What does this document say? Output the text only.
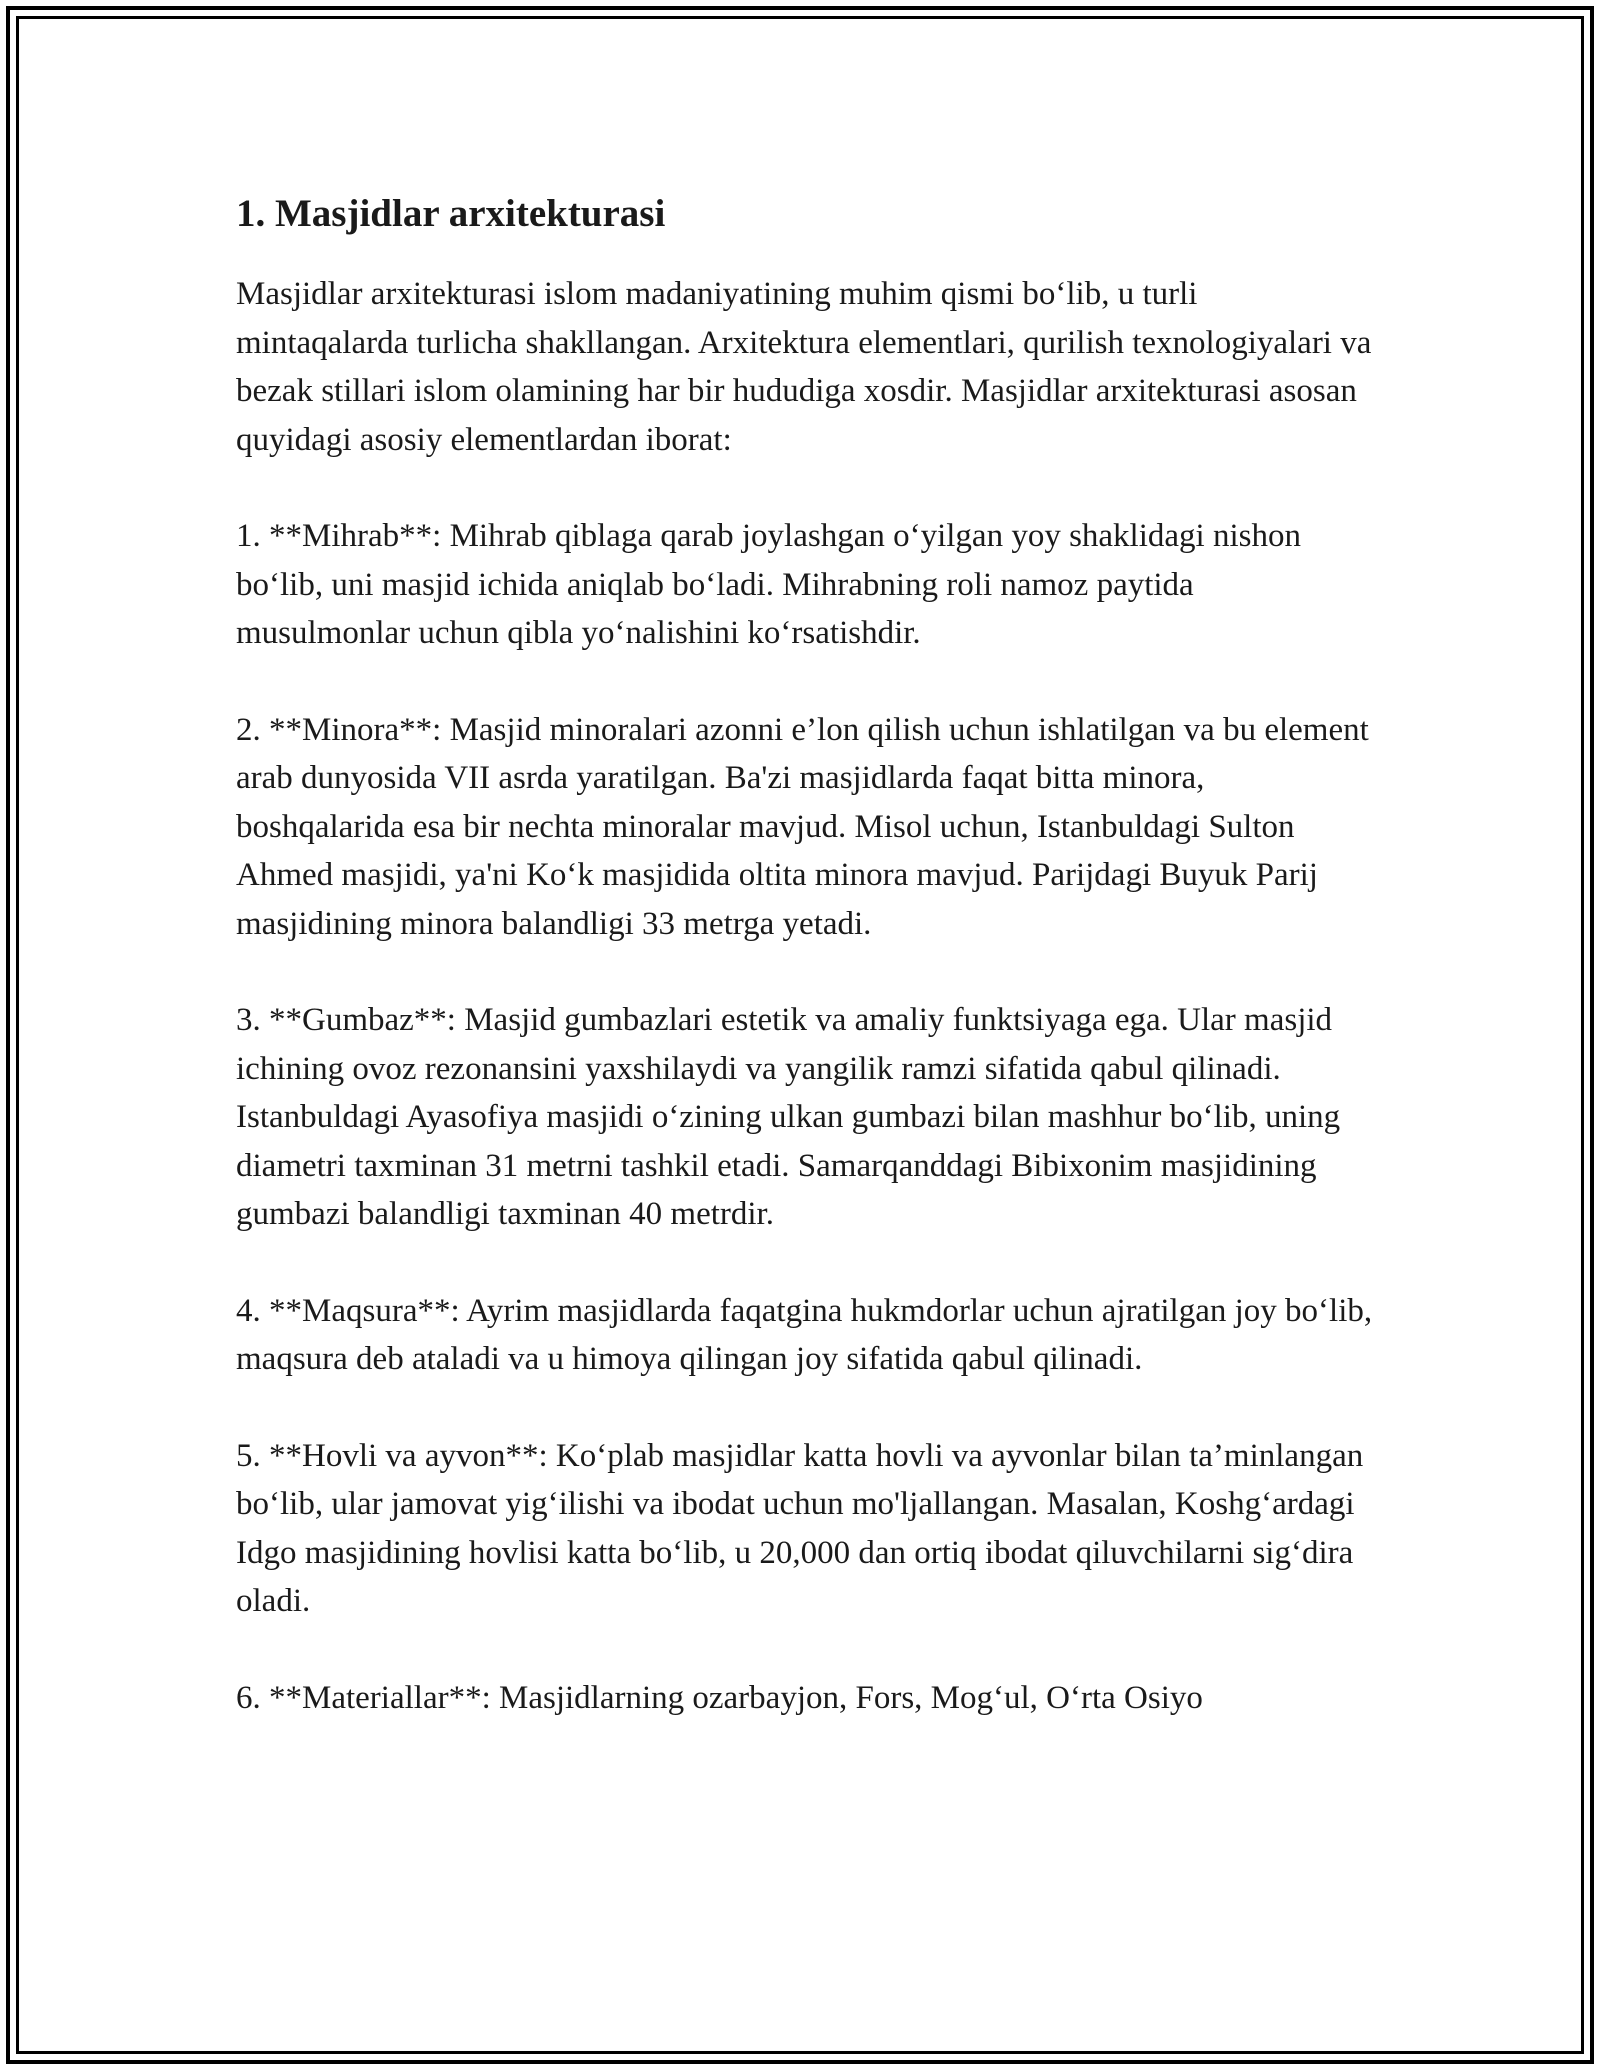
1. Masjidlar arxitekturasi

Masjidlar arxitekturasi islom madaniyatining muhim qismi bo‘lib, u turli mintaqalarda turlicha shakllangan. Arxitektura elementlari, qurilish texnologiyalari va bezak stillari islom olamining har bir hududiga xosdir. Masjidlar arxitekturasi asosan quyidagi asosiy elementlardan iborat:

1. **Mihrab**: Mihrab qiblaga qarab joylashgan o‘yilgan yoy shaklidagi nishon bo‘lib, uni masjid ichida aniqlab bo‘ladi. Mihrabning roli namoz paytida musulmonlar uchun qibla yo‘nalishini ko‘rsatishdir.

2. **Minora**: Masjid minoralari azonni e’lon qilish uchun ishlatilgan va bu element arab dunyosida VII asrda yaratilgan. Ba'zi masjidlarda faqat bitta minora, boshqalarida esa bir nechta minoralar mavjud. Misol uchun, Istanbuldagi Sulton Ahmed masjidi, ya'ni Ko‘k masjidida oltita minora mavjud. Parijdagi Buyuk Parij masjidining minora balandligi 33 metrga yetadi.

3. **Gumbaz**: Masjid gumbazlari estetik va amaliy funktsiyaga ega. Ular masjid ichining ovoz rezonansini yaxshilaydi va yangilik ramzi sifatida qabul qilinadi. Istanbuldagi Ayasofiya masjidi o‘zining ulkan gumbazi bilan mashhur bo‘lib, uning diametri taxminan 31 metrni tashkil etadi. Samarqanddagi Bibixonim masjidining gumbazi balandligi taxminan 40 metrdir.

4. **Maqsura**: Ayrim masjidlarda faqatgina hukmdorlar uchun ajratilgan joy bo‘lib, maqsura deb ataladi va u himoya qilingan joy sifatida qabul qilinadi.

5. **Hovli va ayvon**: Ko‘plab masjidlar katta hovli va ayvonlar bilan ta’minlangan bo‘lib, ular jamovat yig‘ilishi va ibodat uchun mo'ljallangan. Masalan, Koshg‘ardagi Idgo masjidining hovlisi katta bo‘lib, u 20,000 dan ortiq ibodat qiluvchilarni sig‘dira oladi.

6. **Materiallar**: Masjidlarning ozarbayjon, Fors, Mog‘ul, O‘rta Osiyo
